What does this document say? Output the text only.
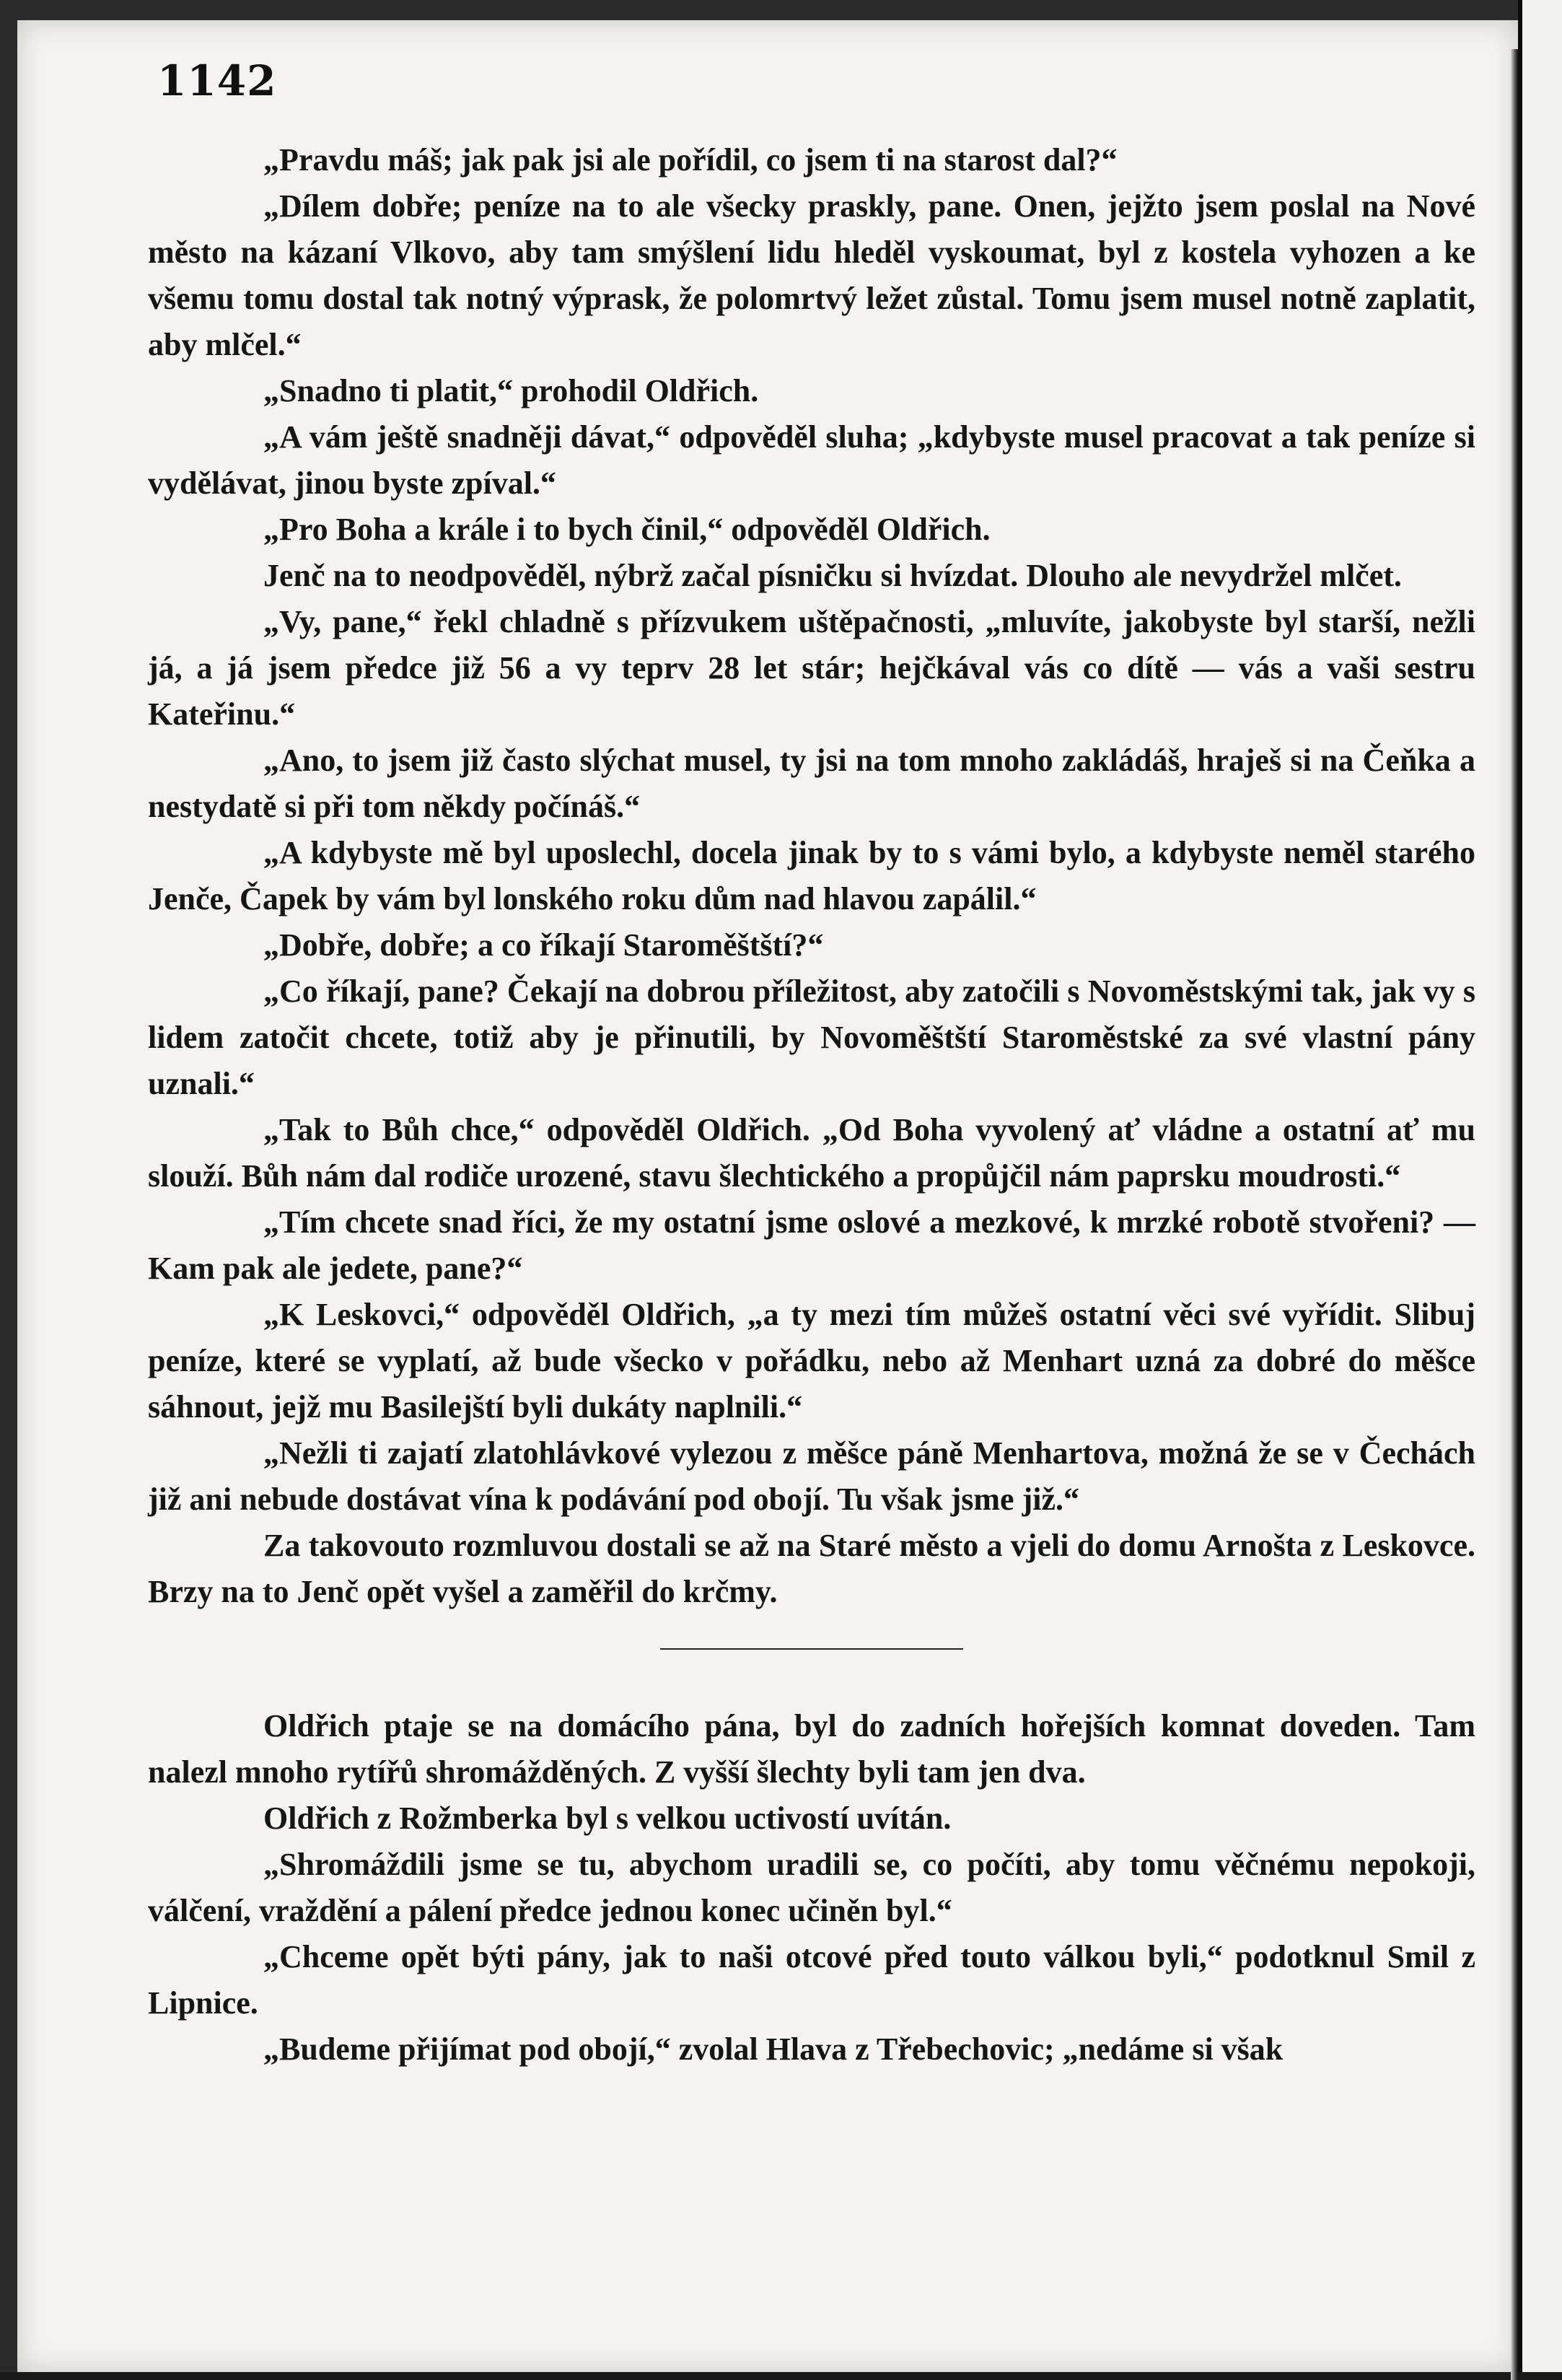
1142

„Pravdu máš; jak pak jsi ale pořídil, co jsem ti na starost dal?“

„Dílem dobře; peníze na to ale všecky praskly, pane. Onen, jejžto jsem poslal na Nové město na kázaní Vlkovo, aby tam smýšlení lidu hleděl vyskoumat, byl z kostela vyhozen a ke všemu tomu dostal tak notný výprask, že polomrtvý ležet zůstal. Tomu jsem musel notně zaplatit, aby mlčel.“

„Snadno ti platit,“ prohodil Oldřich.

„A vám ještě snadněji dávat,“ odpověděl sluha; „kdybyste musel pracovat a tak peníze si vydělávat, jinou byste zpíval.“

„Pro Boha a krále i to bych činil,“ odpověděl Oldřich.

Jenč na to neodpověděl, nýbrž začal písničku si hvízdat. Dlouho ale nevydržel mlčet.

„Vy, pane,“ řekl chladně s přízvukem uštěpačnosti, „mluvíte, jakobyste byl starší, nežli já, a já jsem předce již 56 a vy teprv 28 let stár; hejčkával vás co dítě — vás a vaši sestru Kateřinu.“

„Ano, to jsem již často slýchat musel, ty jsi na tom mnoho zakládáš, hraješ si na Čeňka a nestydatě si při tom někdy počínáš.“

„A kdybyste mě byl uposlechl, docela jinak by to s vámi bylo, a kdybyste neměl starého Jenče, Čapek by vám byl lonského roku dům nad hlavou zapálil.“

„Dobře, dobře; a co říkají Staroměštští?“

„Co říkají, pane? Čekají na dobrou příležitost, aby zatočili s Novoměstskými tak, jak vy s lidem zatočit chcete, totiž aby je přinutili, by Novoměštští Staroměstské za své vlastní pány uznali.“

„Tak to Bůh chce,“ odpověděl Oldřich. „Od Boha vyvolený ať vládne a ostatní ať mu slouží. Bůh nám dal rodiče urozené, stavu šlechtického a propůjčil nám paprsku moudrosti.“

„Tím chcete snad říci, že my ostatní jsme oslové a mezkové, k mrzké robotě stvořeni? — Kam pak ale jedete, pane?“

„K Leskovci,“ odpověděl Oldřich, „a ty mezi tím můžeš ostatní věci své vyřídit. Slibuj peníze, které se vyplatí, až bude všecko v pořádku, nebo až Menhart uzná za dobré do měšce sáhnout, jejž mu Basilejští byli dukáty naplnili.“

„Nežli ti zajatí zlatohlávkové vylezou z měšce páně Menhartova, možná že se v Čechách již ani nebude dostávat vína k podávání pod obojí. Tu však jsme již.“

Za takovouto rozmluvou dostali se až na Staré město a vjeli do domu Arnošta z Leskovce. Brzy na to Jenč opět vyšel a zaměřil do krčmy.

Oldřich ptaje se na domácího pána, byl do zadních hořejších komnat doveden. Tam nalezl mnoho rytířů shromážděných. Z vyšší šlechty byli tam jen dva.

Oldřich z Rožmberka byl s velkou uctivostí uvítán.

„Shromáždili jsme se tu, abychom uradili se, co počíti, aby tomu věčnému nepokoji, válčení, vraždění a pálení předce jednou konec učiněn byl.“

„Chceme opět býti pány, jak to naši otcové před touto válkou byli,“ podotknul Smil z Lipnice.

„Budeme přijímat pod obojí,“ zvolal Hlava z Třebechovic; „nedáme si však
